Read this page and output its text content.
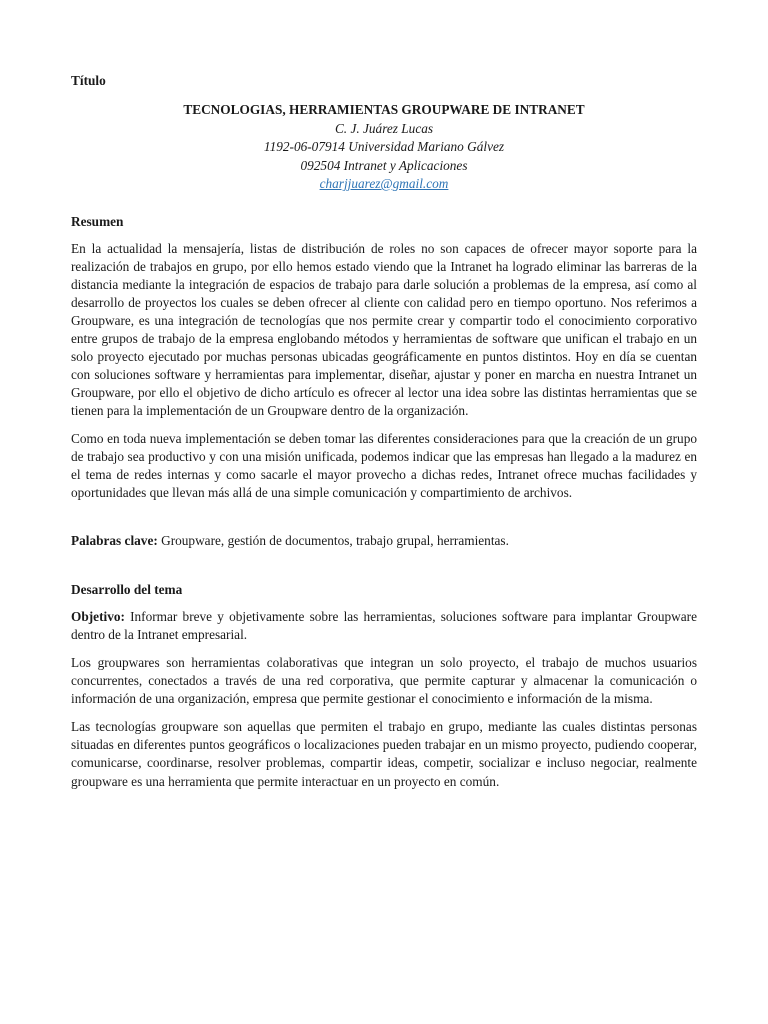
Título

TECNOLOGIAS, HERRAMIENTAS GROUPWARE DE INTRANET

C. J. Juárez Lucas

1192-06-07914 Universidad Mariano Gálvez

092504 Intranet y Aplicaciones

charjjuarez@gmail.com

Resumen

En la actualidad la mensajería, listas de distribución de roles no son capaces de ofrecer mayor soporte para la realización de trabajos en grupo, por ello hemos estado viendo que la Intranet ha logrado eliminar las barreras de la distancia mediante la integración de espacios de trabajo para darle solución a problemas de la empresa, así como al desarrollo de proyectos los cuales se deben ofrecer al cliente con calidad pero en tiempo oportuno. Nos referimos a Groupware, es una integración de tecnologías que nos permite crear y compartir todo el conocimiento corporativo entre grupos de trabajo de la empresa englobando métodos y herramientas de software que unifican el trabajo en un solo proyecto ejecutado por muchas personas ubicadas geográficamente en puntos distintos. Hoy en día se cuentan con soluciones software y herramientas para implementar, diseñar, ajustar y poner en marcha en nuestra Intranet un Groupware, por ello el objetivo de dicho artículo es ofrecer al lector una idea sobre las distintas herramientas que se tienen para la implementación de un Groupware dentro de la organización.

Como en toda nueva implementación se deben tomar las diferentes consideraciones para que la creación de un grupo de trabajo sea productivo y con una misión unificada, podemos indicar que las empresas han llegado a la madurez en el tema de redes internas y como sacarle el mayor provecho a dichas redes, Intranet ofrece muchas facilidades y oportunidades que llevan más allá de una simple comunicación y compartimiento de archivos.

Palabras clave: Groupware, gestión de documentos, trabajo grupal, herramientas.

Desarrollo del tema

Objetivo: Informar breve y objetivamente sobre las herramientas, soluciones software para implantar Groupware dentro de la Intranet empresarial.

Los groupwares son herramientas colaborativas que integran un solo proyecto, el trabajo de muchos usuarios concurrentes, conectados a través de una red corporativa, que permite capturar y almacenar la comunicación o información de una organización, empresa que permite gestionar el conocimiento e información de la misma.

Las tecnologías groupware son aquellas que permiten el trabajo en grupo, mediante las cuales distintas personas situadas en diferentes puntos geográficos o localizaciones pueden trabajar en un mismo proyecto, pudiendo cooperar, comunicarse, coordinarse, resolver problemas, compartir ideas, competir, socializar e incluso negociar, realmente groupware es una herramienta que permite interactuar en un proyecto en común.
